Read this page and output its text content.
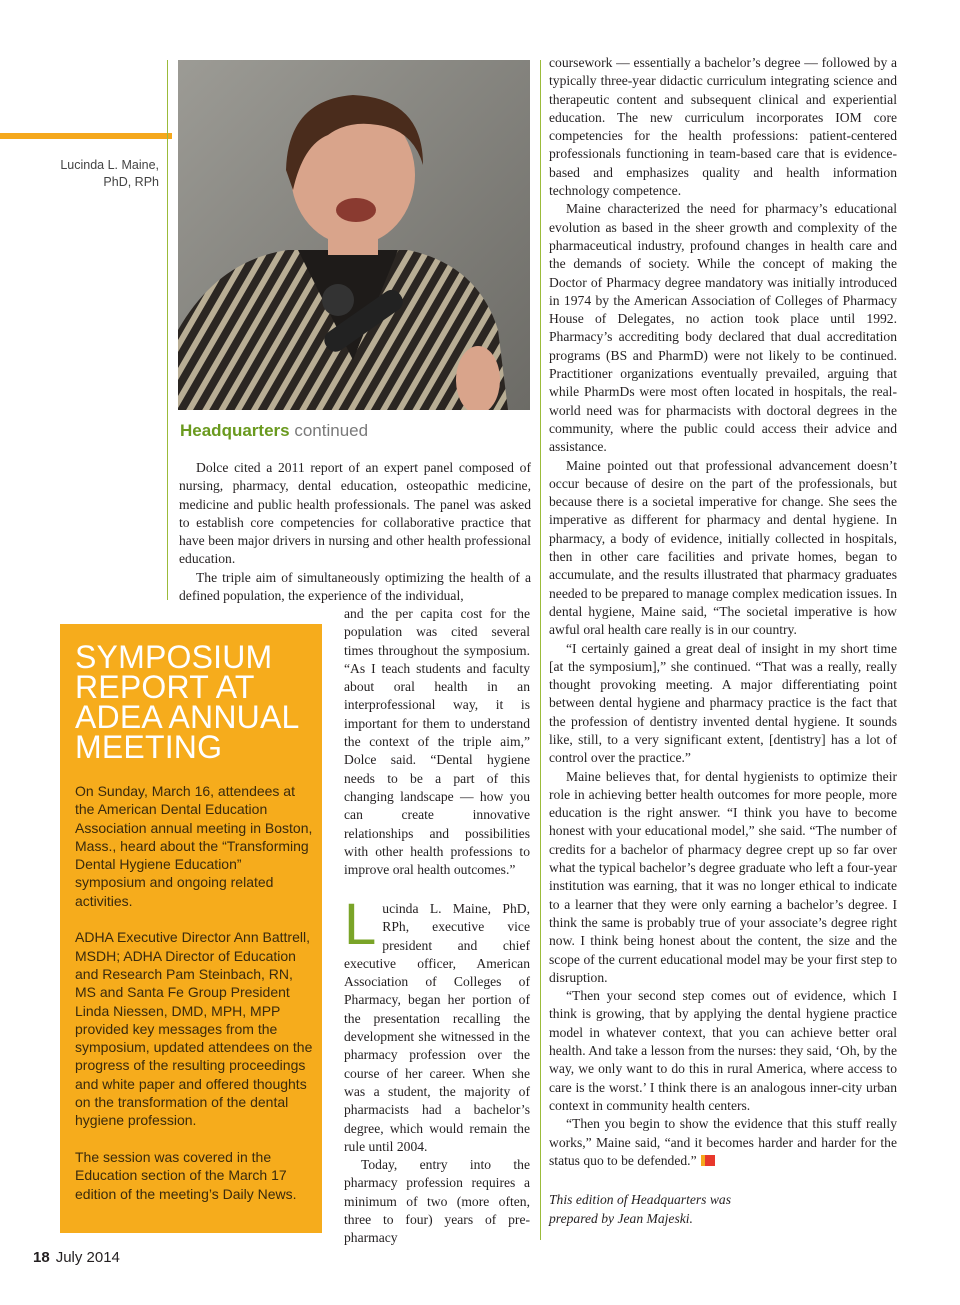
Lucinda L. Maine,
PhD, RPh
Headquarters continued

Dolce cited a 2011 report of an expert panel composed of nursing, pharmacy, dental education, osteopathic medicine, medicine and public health professionals. The panel was asked to establish core competencies for collaborative practice that have been major drivers in nursing and other health professional education.

The triple aim of simultaneously optimizing the health of a defined population, the experience of the individual,

and the per capita cost for the population was cited several times throughout the symposium. “As I teach students and faculty about oral health in an interprofessional way, it is important for them to understand the context of the triple aim,” Dolce said. “Dental hygiene needs to be a part of this changing landscape — how you can create innovative relationships and possibilities with other health professions to improve oral health outcomes.”

Lucinda L. Maine, PhD, RPh, executive vice president and chief executive officer, American Association of Colleges of Pharmacy, began her portion of the presentation recalling the development she witnessed in the pharmacy profession over the course of her career. When she was a student, the majority of pharmacists had a bachelor’s degree, which would remain the rule until 2004.

Today, entry into the pharmacy profession requires a minimum of two (more often, three to four) years of pre-pharmacy

coursework — essentially a bachelor’s degree — followed by a typically three-year didactic curriculum integrating science and therapeutic content and subsequent clinical and experiential education. The new curriculum incorporates IOM core competencies for the health professions: patient-centered professionals functioning in team-based care that is evidence-based and emphasizes quality and health information technology competence.

Maine characterized the need for pharmacy’s educational evolution as based in the sheer growth and complexity of the pharmaceutical industry, profound changes in health care and the demands of society. While the concept of making the Doctor of Pharmacy degree mandatory was initially introduced in 1974 by the American Association of Colleges of Pharmacy House of Delegates, no action took place until 1992. Pharmacy’s accrediting body declared that dual accreditation programs (BS and PharmD) were not likely to be continued. Practitioner organizations eventually prevailed, arguing that while PharmDs were most often located in hospitals, the real-world need was for pharmacists with doctoral degrees in the community, where the public could access their advice and assistance.

Maine pointed out that professional advancement doesn’t occur because of desire on the part of the professionals, but because there is a societal imperative for change. She sees the imperative as different for pharmacy and dental hygiene. In pharmacy, a body of evidence, initially collected in hospitals, then in other care facilities and private homes, began to accumulate, and the results illustrated that pharmacy graduates needed to be prepared to manage complex medication issues. In dental hygiene, Maine said, “The societal imperative is how awful oral health care really is in our country.

“I certainly gained a great deal of insight in my short time [at the symposium],” she continued. “That was a really, really thought provoking meeting. A major differentiating point between dental hygiene and pharmacy practice is the fact that the profession of dentistry invented dental hygiene. It sounds like, still, to a very significant extent, [dentistry] has a lot of control over the practice.”

Maine believes that, for dental hygienists to optimize their role in achieving better health outcomes for more people, more education is the right answer. “I think you have to become honest with your educational model,” she said. “The number of credits for a bachelor of pharmacy degree crept up so far over what the typical bachelor’s degree graduate who left a four-year institution was earning, that it was no longer ethical to indicate to a learner that they were only earning a bachelor’s degree. I think the same is probably true of your associate’s degree right now. I think being honest about the content, the size and the scope of the current educational model may be your first step to disruption.

“Then your second step comes out of evidence, which I think is growing, that by applying the dental hygiene practice model in whatever context, that you can achieve better oral health. And take a lesson from the nurses: they said, ‘Oh, by the way, we only want to do this in rural America, where access to care is the worst.’ I think there is an analogous inner-city urban context in community health centers.

“Then you begin to show the evidence that this stuff really works,” Maine said, “and it becomes harder and harder for the status quo to be defended.”

This edition of Headquarters was
prepared by Jean Majeski.
SYMPOSIUM
REPORT AT
ADEA ANNUAL
MEETING

On Sunday, March 16, attendees at the American Dental Education Association annual meeting in Boston, Mass., heard about the “Transforming Dental Hygiene Education” symposium and ongoing related activities.

ADHA Executive Director Ann Battrell, MSDH; ADHA Director of Education and Research Pam Steinbach, RN, MS and Santa Fe Group President Linda Niessen, DMD, MPH, MPP provided key messages from the symposium, updated attendees on the progress of the resulting proceedings and white paper and offered thoughts on the transformation of the dental hygiene profession.

The session was covered in the Education section of the March 17 edition of the meeting’s Daily News.

18 July 2014
